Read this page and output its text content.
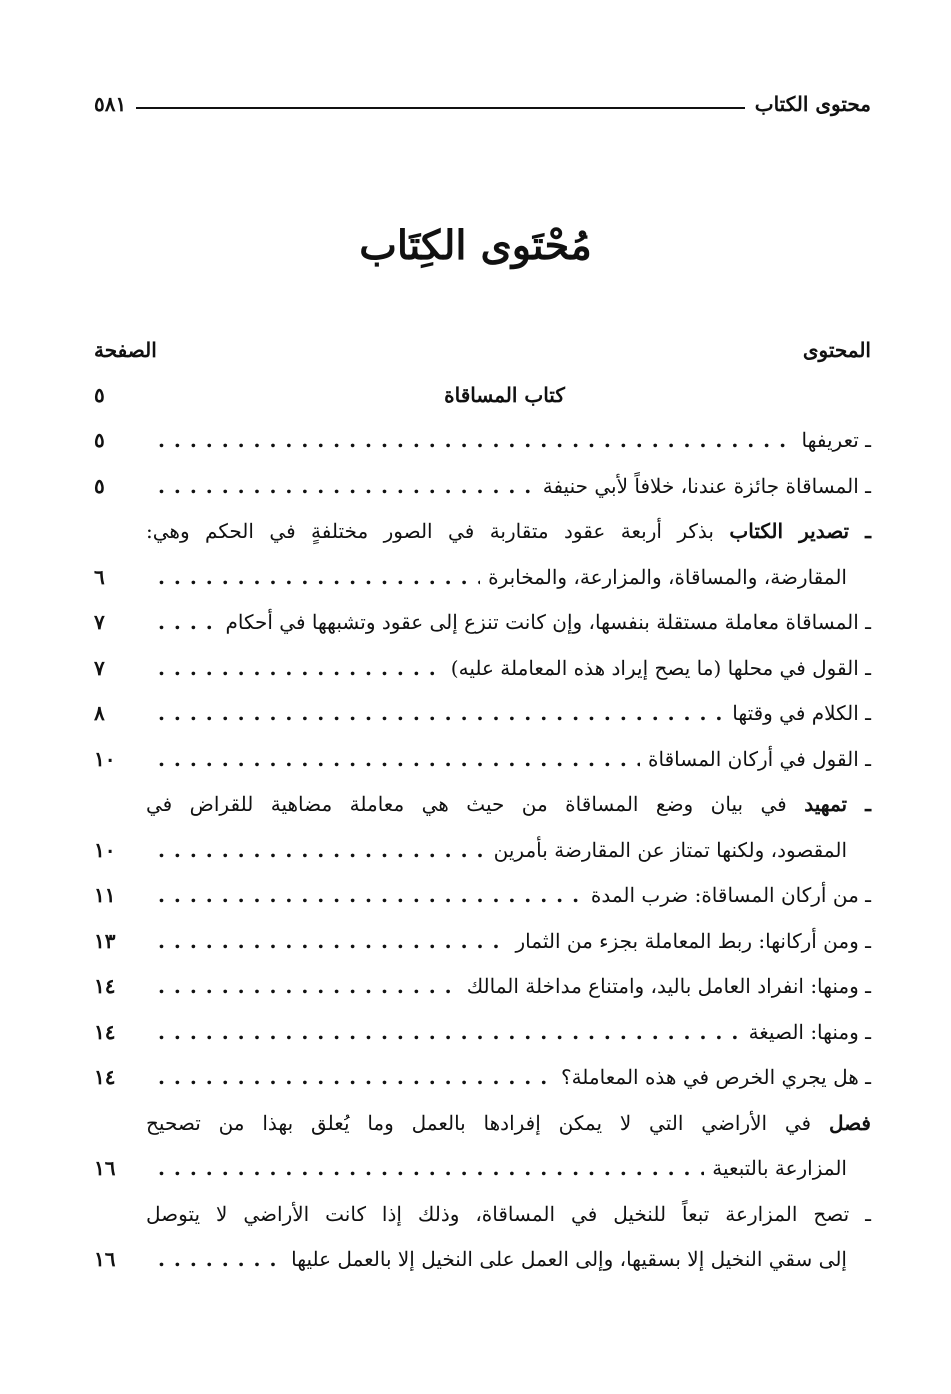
محتوى الكتاب
٥٨١
مُحْتَوى الكِتَاب
المحتوى
الصفحة
كتاب المساقاة
٥
ـ تعريفها
. . .
٥
ـ المساقاة جائزة عندنا، خلافاً لأبي حنيفة
. . .
٥
ـ تصدير الكتاب بذكر أربعة عقود متقاربة في الصور مختلفةٍ في الحكم وهي:
المقارضة، والمساقاة، والمزارعة، والمخابرة
. . .
٦
ـ المساقاة معاملة مستقلة بنفسها، وإن كانت تنزع إلى عقود وتشبهها في أحكام
. . .
٧
ـ القول في محلها (ما يصح إيراد هذه المعاملة عليه)
. . .
٧
ـ الكلام في وقتها
. . .
٨
ـ القول في أركان المساقاة
. . .
١٠
ـ تمهيد في بيان وضع المساقاة من حيث هي معاملة مضاهية للقراض في
المقصود، ولكنها تمتاز عن المقارضة بأمرين
. . .
١٠
ـ من أركان المساقاة: ضرب المدة
. . .
١١
ـ ومن أركانها: ربط المعاملة بجزء من الثمار
. . .
١٣
ـ ومنها: انفراد العامل باليد، وامتناع مداخلة المالك
. . .
١٤
ـ ومنها: الصيغة
. . .
١٤
ـ هل يجري الخرص في هذه المعاملة؟
. . .
١٤
فصل في الأراضي التي لا يمكن إفرادها بالعمل وما يُعلق بهذا من تصحيح
المزارعة بالتبعية
. . .
١٦
ـ تصح المزارعة تبعاً للنخيل في المساقاة، وذلك إذا كانت الأراضي لا يتوصل
إلى سقي النخيل إلا بسقيها، وإلى العمل على النخيل إلا بالعمل عليها
. . .
١٦
